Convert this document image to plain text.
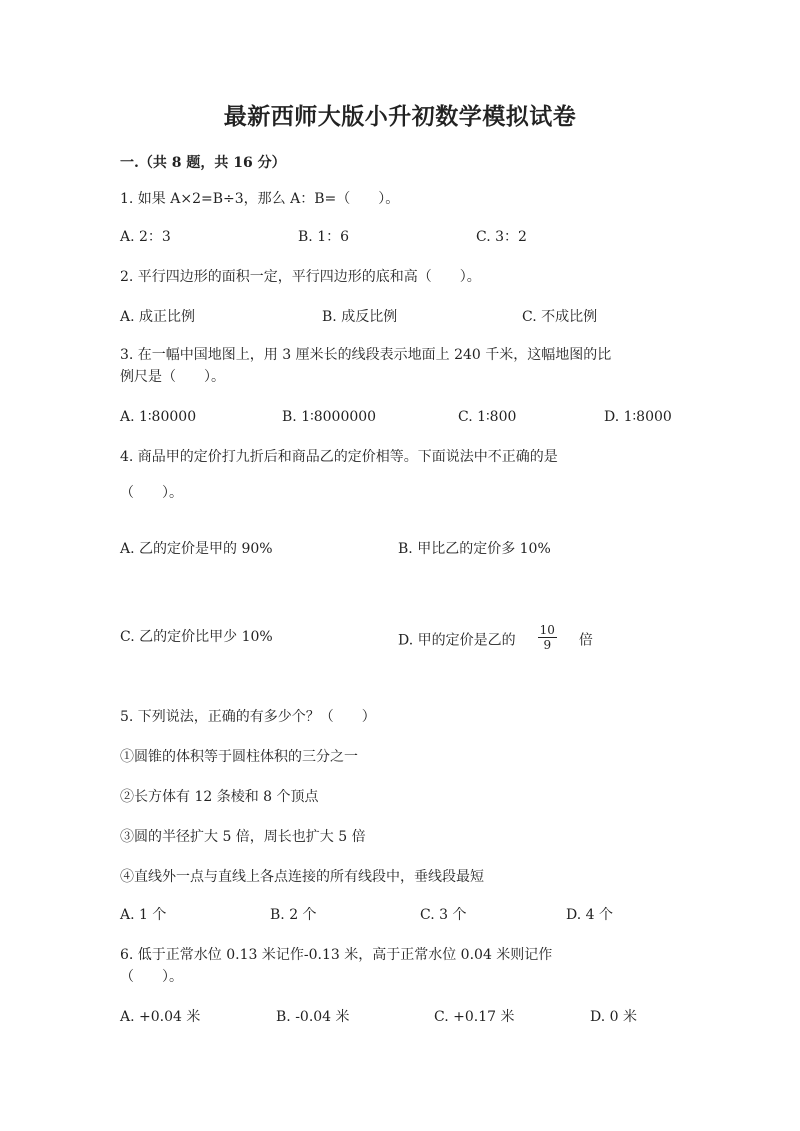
最新西师大版小升初数学模拟试卷
一.（共 8 题，共 16 分）
1. 如果 A×2=B÷3，那么 A：B=（　　）。
A. 2：3	B. 1：6	C. 3：2
2. 平行四边形的面积一定，平行四边形的底和高（　　）。
A. 成正比例	B. 成反比例	C. 不成比例
3. 在一幅中国地图上，用 3 厘米长的线段表示地面上 240 千米，这幅地图的比
例尺是（　　）。
A. 1∶80000	B. 1∶8000000	C. 1∶800	D. 1∶8000
4. 商品甲的定价打九折后和商品乙的定价相等。下面说法中不正确的是
（　　）。
A. 乙的定价是甲的 90%	B. 甲比乙的定价多 10%
C. 乙的定价比甲少 10%	D. 甲的定价是乙的 $\frac{10}{9}$ 倍
5. 下列说法，正确的有多少个？（　　）
①圆锥的体积等于圆柱体积的三分之一
②长方体有 12 条棱和 8 个顶点
③圆的半径扩大 5 倍，周长也扩大 5 倍
④直线外一点与直线上各点连接的所有线段中，垂线段最短
A. 1 个	B. 2 个	C. 3 个	D. 4 个
6. 低于正常水位 0.13 米记作-0.13 米，高于正常水位 0.04 米则记作
（　　）。
A. +0.04 米	B. -0.04 米	C. +0.17 米	D. 0 米
